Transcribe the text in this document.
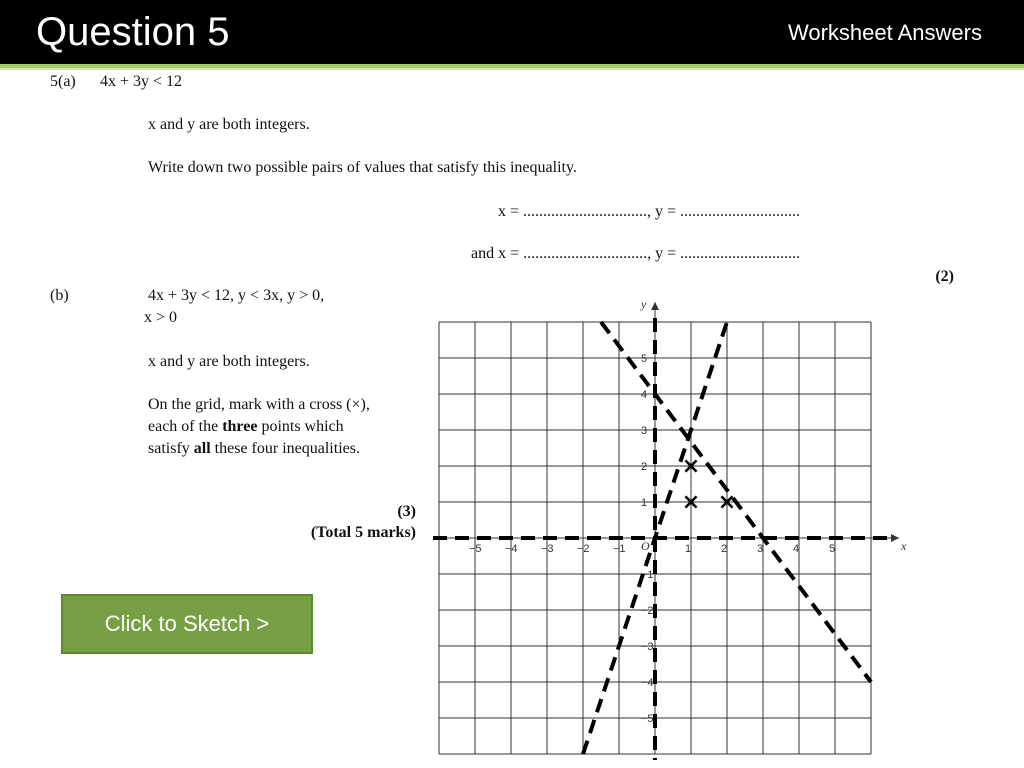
Question 5	Worksheet Answers
5(a) 4x + 3y < 12
x and y are both integers.
Write down two possible pairs of values that satisfy this inequality.
x = ..............................., y = ..............................
and x = ..............................., y = ..............................
(2)
(b)	4x + 3y < 12, y < 3x, y > 0,
x > 0
x and y are both integers.
On the grid, mark with a cross (×),
each of the three points which
satisfy all these four inequalities.
(3)
(Total 5 marks)
Click to Sketch >
x
y
O
−5 −4 −3 −2 −1	1	2	3	4	5
5
4
3
2
1
−1
−2
−3
−4
−5
×
×
×
